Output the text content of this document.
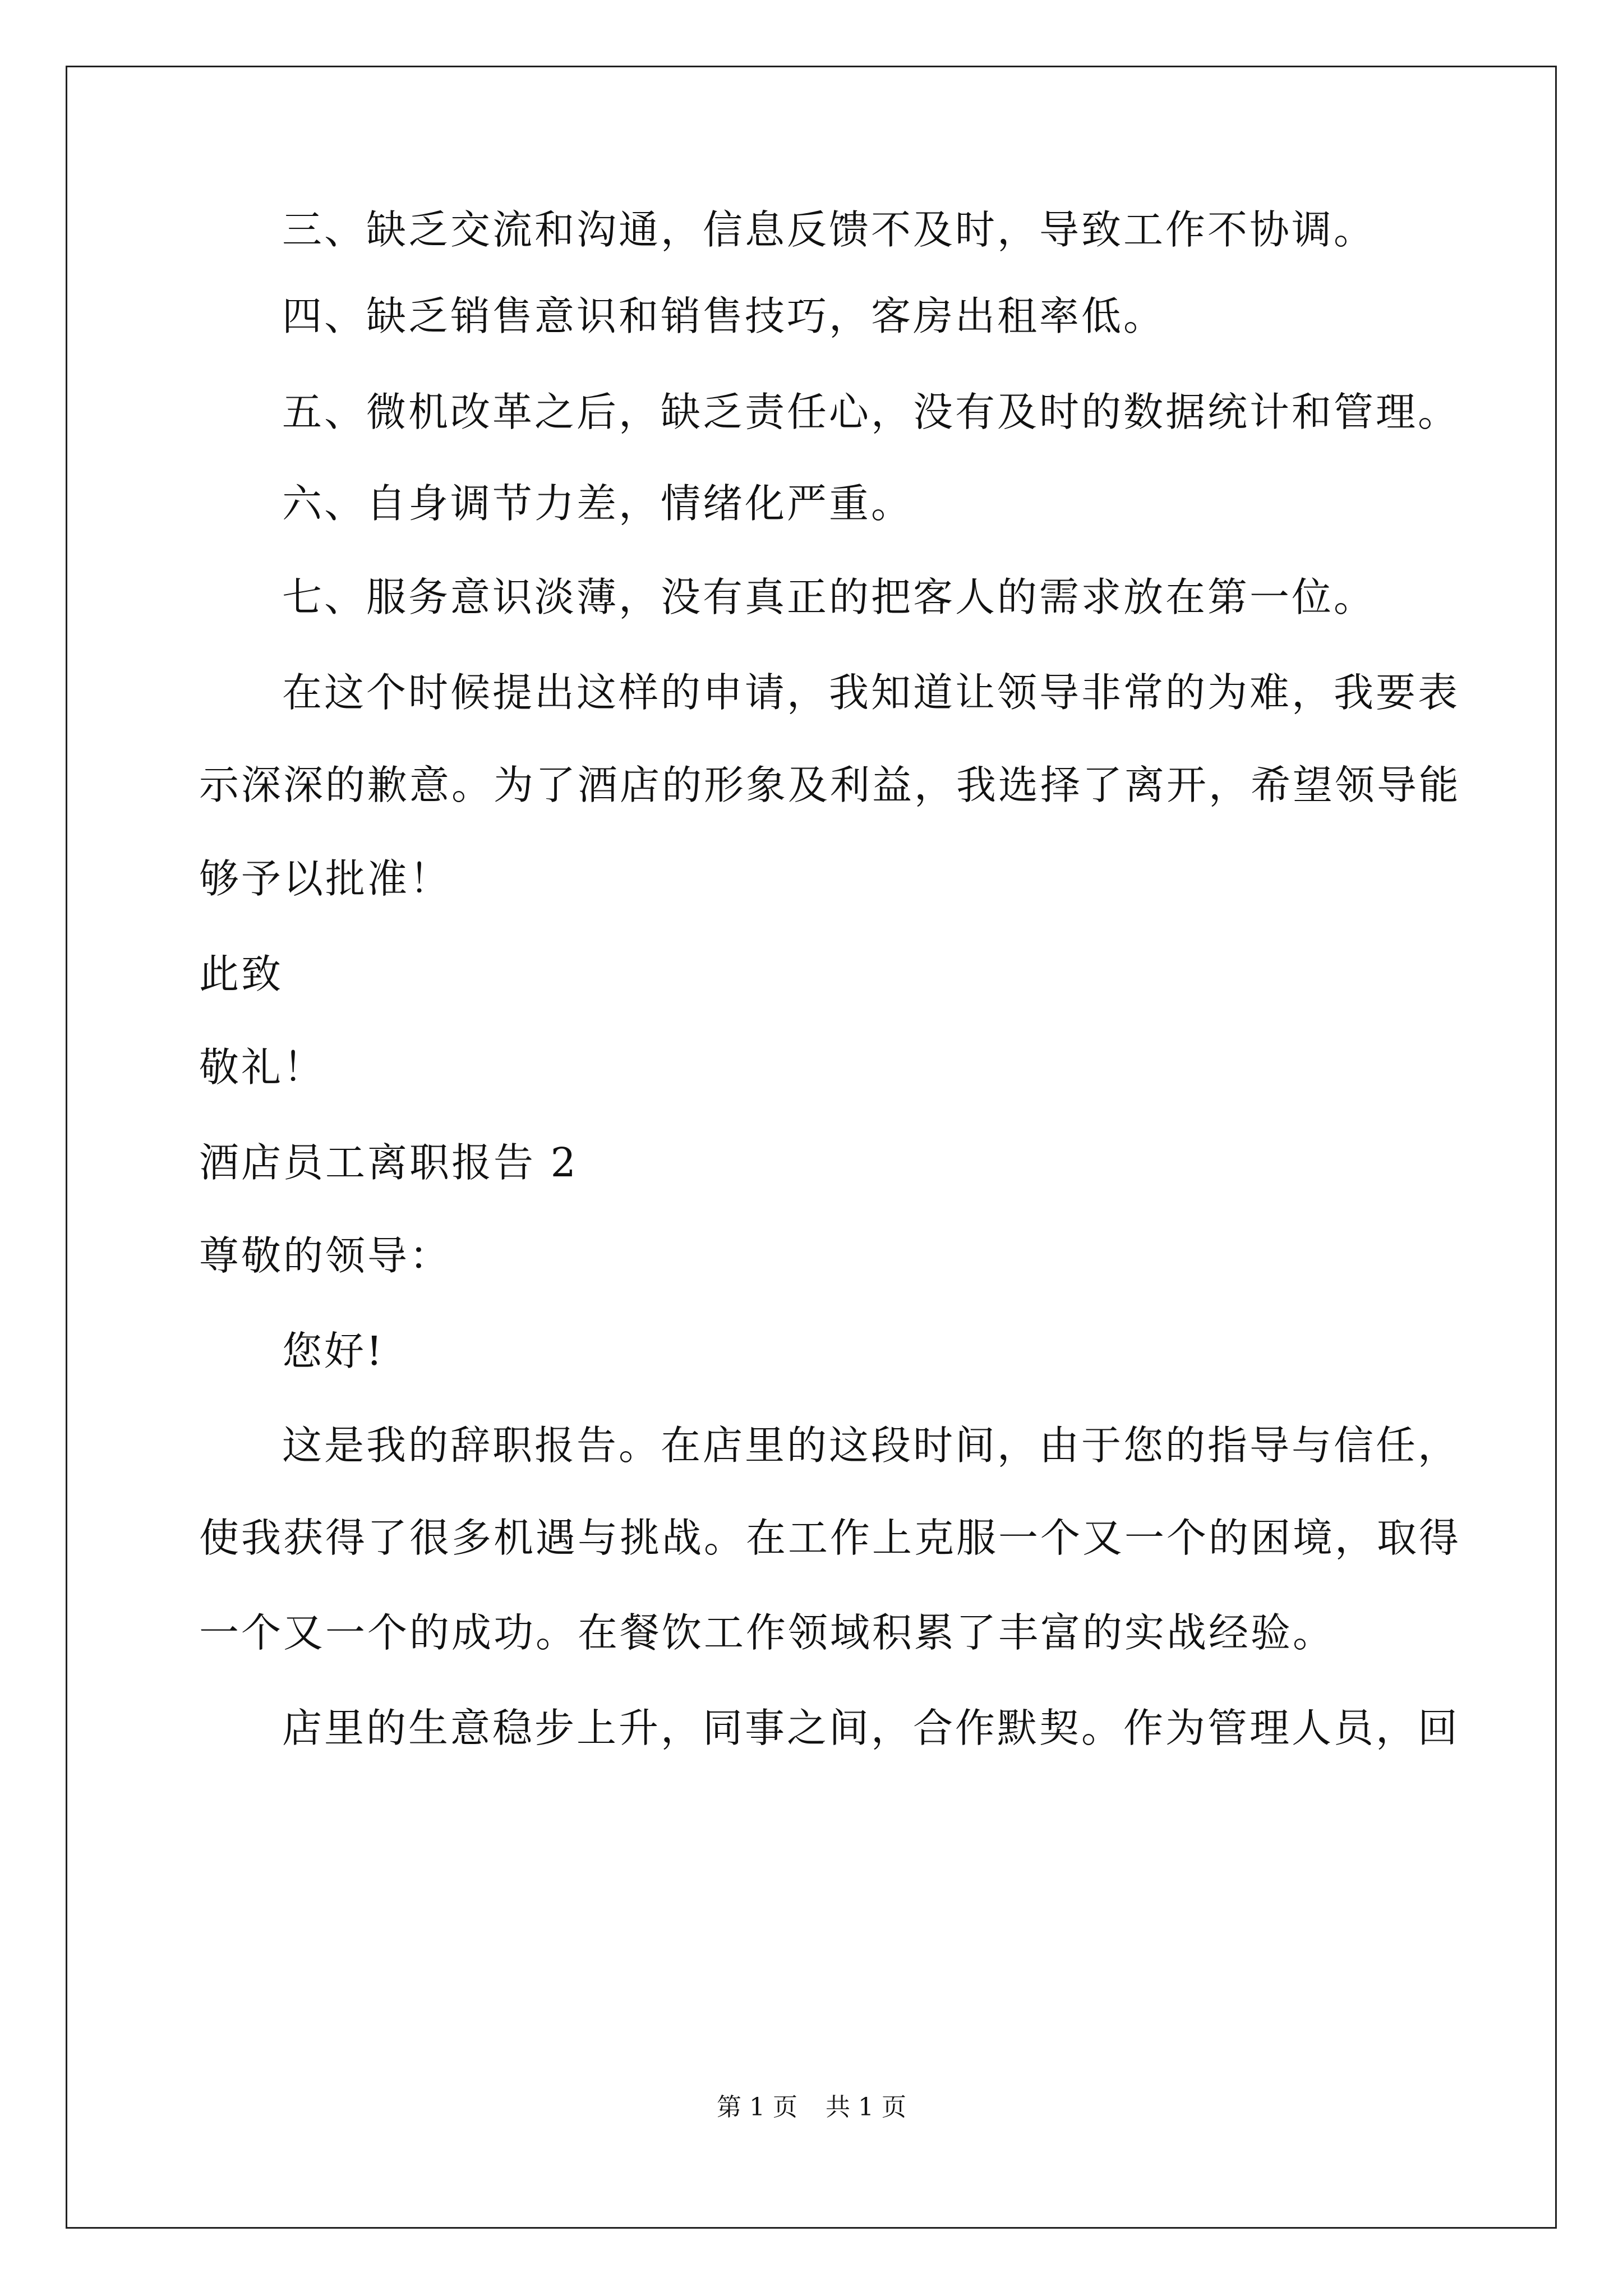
三、缺乏交流和沟通，信息反馈不及时，导致工作不协调。
四、缺乏销售意识和销售技巧，客房出租率低。
五、微机改革之后，缺乏责任心，没有及时的数据统计和管理。
六、自身调节力差，情绪化严重。
七、服务意识淡薄，没有真正的把客人的需求放在第一位。
在这个时候提出这样的申请，我知道让领导非常的为难，我要表
示深深的歉意。为了酒店的形象及利益，我选择了离开，希望领导能
够予以批准！
此致
敬礼！
酒店员工离职报告 2
尊敬的领导：
您好!
这是我的辞职报告。在店里的这段时间，由于您的指导与信任，
使我获得了很多机遇与挑战。在工作上克服一个又一个的困境，取得
一个又一个的成功。在餐饮工作领域积累了丰富的实战经验。
店里的生意稳步上升，同事之间，合作默契。作为管理人员，回
第 1 页 共 1 页
